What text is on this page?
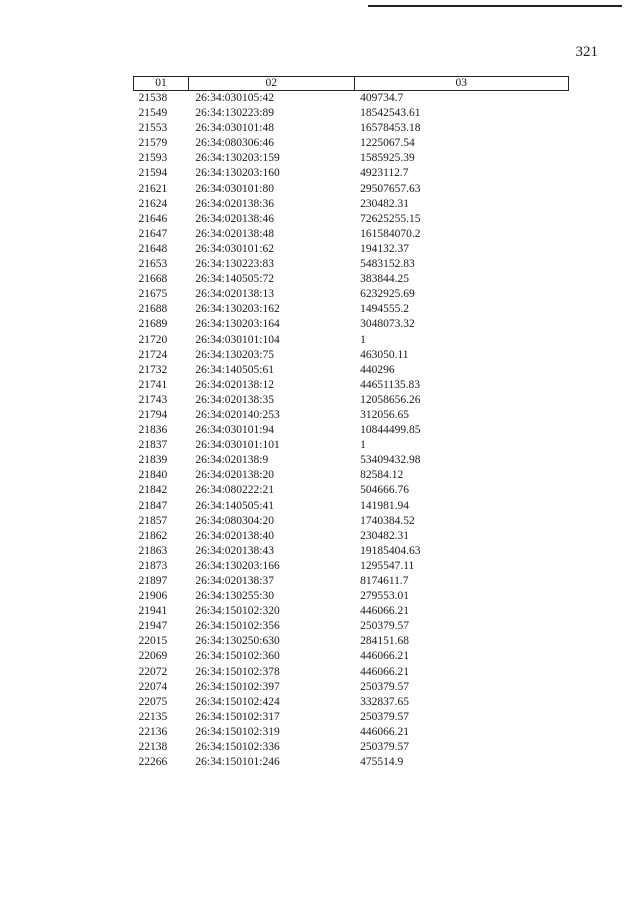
321
01	02	03
21538	26:34:030105:42	409734.7
21549	26:34:130223:89	18542543.61
21553	26:34:030101:48	16578453.18
21579	26:34:080306:46	1225067.54
21593	26:34:130203:159	1585925.39
21594	26:34:130203:160	4923112.7
21621	26:34:030101:80	29507657.63
21624	26:34:020138:36	230482.31
21646	26:34:020138:46	72625255.15
21647	26:34:020138:48	161584070.2
21648	26:34:030101:62	194132.37
21653	26:34:130223:83	5483152.83
21668	26:34:140505:72	383844.25
21675	26:34:020138:13	6232925.69
21688	26:34:130203:162	1494555.2
21689	26:34:130203:164	3048073.32
21720	26:34:030101:104	1
21724	26:34:130203:75	463050.11
21732	26:34:140505:61	440296
21741	26:34:020138:12	44651135.83
21743	26:34:020138:35	12058656.26
21794	26:34:020140:253	312056.65
21836	26:34:030101:94	10844499.85
21837	26:34:030101:101	1
21839	26:34:020138:9	53409432.98
21840	26:34:020138:20	82584.12
21842	26:34:080222:21	504666.76
21847	26:34:140505:41	141981.94
21857	26:34:080304:20	1740384.52
21862	26:34:020138:40	230482.31
21863	26:34:020138:43	19185404.63
21873	26:34:130203:166	1295547.11
21897	26:34:020138:37	8174611.7
21906	26:34:130255:30	279553.01
21941	26:34:150102:320	446066.21
21947	26:34:150102:356	250379.57
22015	26:34:130250:630	284151.68
22069	26:34:150102:360	446066.21
22072	26:34:150102:378	446066.21
22074	26:34:150102:397	250379.57
22075	26:34:150102:424	332837.65
22135	26:34:150102:317	250379.57
22136	26:34:150102:319	446066.21
22138	26:34:150102:336	250379.57
22266	26:34:150101:246	475514.9
